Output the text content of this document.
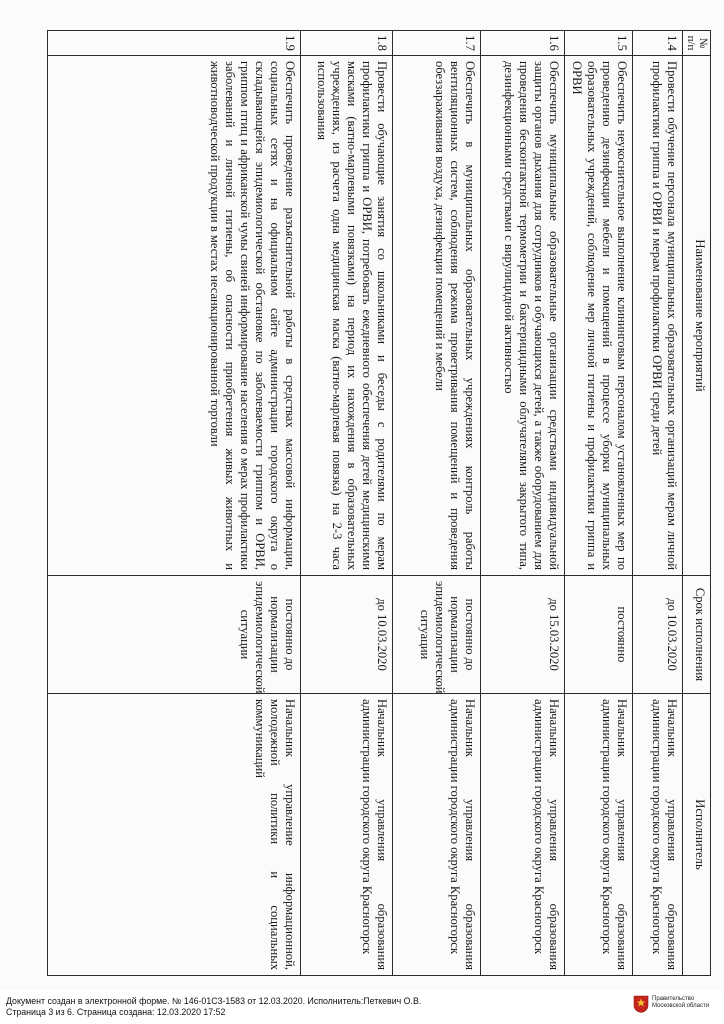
№ п/п	Наименование мероприятий	Срок исполнения	Исполнитель
1.4	Провести обучение персонала муниципальных образовательных организаций мерам личной профилактики гриппа и ОРВИ и мерам профилактики ОРВИ среди детей	до 10.03.2020	Начальник управления образования администрации городского округа Красногорск
1.5	Обеспечить неукоснительное выполнение клининговым персоналом установленных мер по проведению дезинфекции мебели и помещений в процессе уборки муниципальных образовательных учреждений, соблюдение мер личной гигиены и профилактики гриппа и ОРВИ	постоянно	Начальник управления образования администрации городского округа Красногорск
1.6	Обеспечить муниципальные образовательные организации средствами индивидуальной защиты органов дыхания для сотрудников и обучающихся детей, а также оборудованием для проведения бесконтактной термометрии и бактерицидными облучателями закрытого типа, дезинфекционными средствами с вирулицидной активностью	до 15.03.2020	Начальник управления образования администрации городского округа Красногорск
1.7	Обеспечить в муниципальных образовательных учреждениях контроль работы вентиляционных систем, соблюдения режима проветривания помещений и проведения обеззараживания воздуха, дезинфекции помещений и мебели	постоянно до нормализации эпидемиологической ситуации	Начальник управления образования администрации городского округа Красногорск
1.8	Провести обучающие занятия со школьниками и беседы с родителями по мерам профилактики гриппа и ОРВИ, потребовать ежедневного обеспечения детей медицинскими масками (ватно-марлевыми повязками) на период их нахождения в образовательных учреждениях, из расчета одна медицинская маска (ватно-марлевая повязка) на 2-3 часа использования	до 10.03.2020	Начальник управления образования администрации городского округа Красногорск
1.9	Обеспечить проведение разъяснительной работы в средствах массовой информации, социальных сетях и на официальном сайте администрации городского округа о складывающейся эпидемиологической обстановке по заболеваемости гриппом и ОРВИ, гриппом птиц и африканской чумы свиней информирование населения о мерах профилактики заболеваний и личной гигиены, об опасности приобретения живых животных и животноводческой продукции в местах несанкционированной торговли	постоянно до нормализации эпидемиологической ситуации	Начальник управление информационной, молодежной политики и социальных коммуникаций
Документ создан в электронной форме. № 146-01С3-1583 от 12.03.2020. Исполнитель:Петкевич О.В.
Страница 3 из 6. Страница создана: 12.03.2020 17:52
Правительство
Московской области
